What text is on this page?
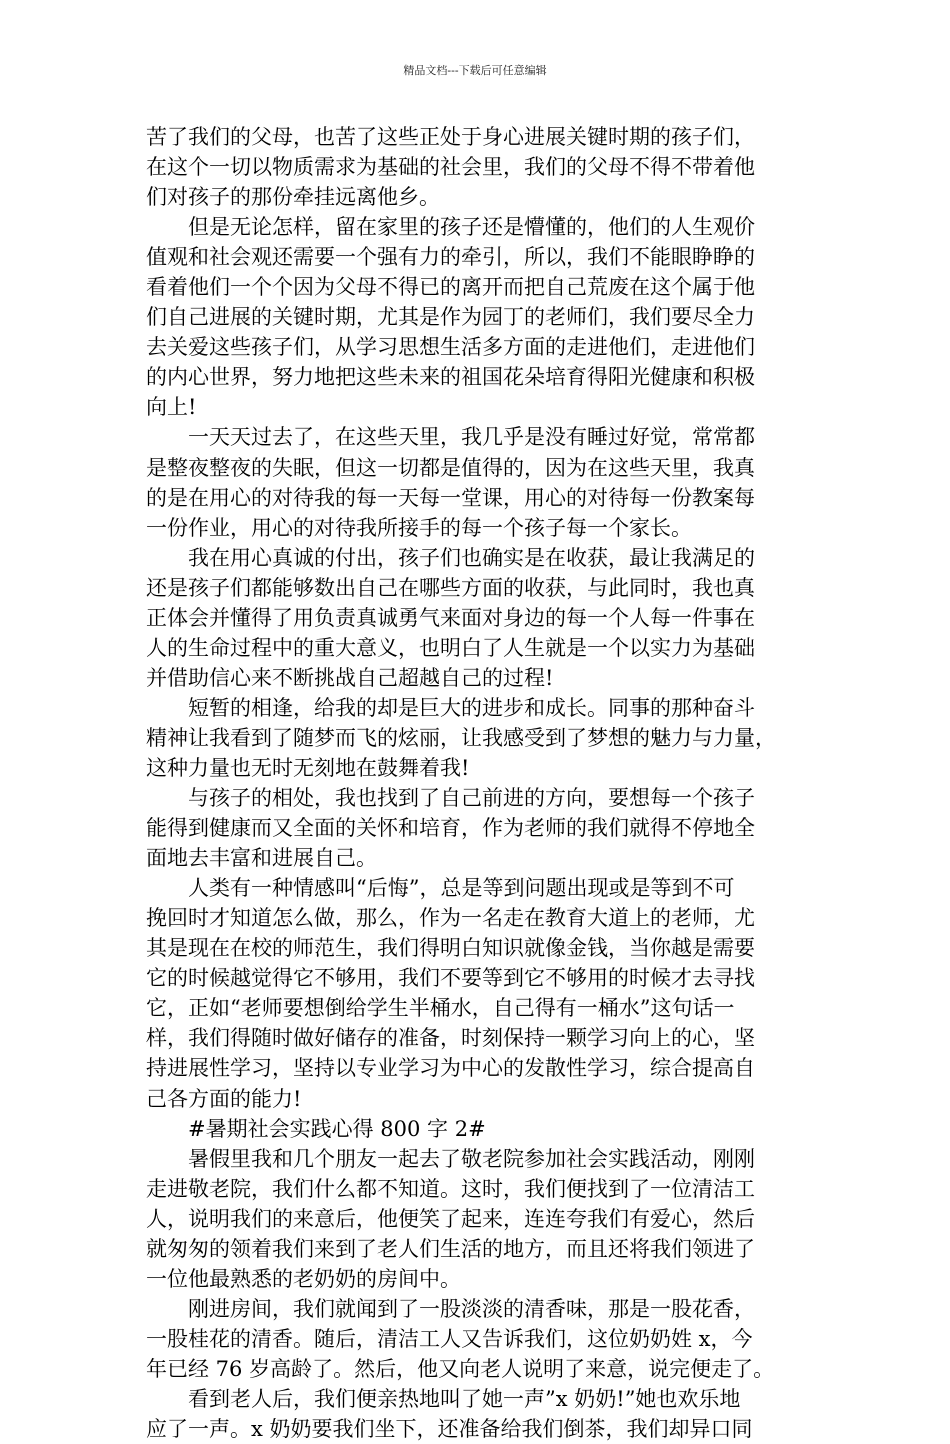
精品文档---下载后可任意编辑
苦了我们的父母，也苦了这些正处于身心进展关键时期的孩子们，
在这个一切以物质需求为基础的社会里，我们的父母不得不带着他
们对孩子的那份牵挂远离他乡。
但是无论怎样，留在家里的孩子还是懵懂的，他们的人生观价
值观和社会观还需要一个强有力的牵引，所以，我们不能眼睁睁的
看着他们一个个因为父母不得已的离开而把自己荒废在这个属于他
们自己进展的关键时期，尤其是作为园丁的老师们，我们要尽全力
去关爱这些孩子们，从学习思想生活多方面的走进他们，走进他们
的内心世界，努力地把这些未来的祖国花朵培育得阳光健康和积极
向上!
一天天过去了，在这些天里，我几乎是没有睡过好觉，常常都
是整夜整夜的失眠，但这一切都是值得的，因为在这些天里，我真
的是在用心的对待我的每一天每一堂课，用心的对待每一份教案每
一份作业，用心的对待我所接手的每一个孩子每一个家长。
我在用心真诚的付出，孩子们也确实是在收获，最让我满足的
还是孩子们都能够数出自己在哪些方面的收获，与此同时，我也真
正体会并懂得了用负责真诚勇气来面对身边的每一个人每一件事在
人的生命过程中的重大意义，也明白了人生就是一个以实力为基础
并借助信心来不断挑战自己超越自己的过程!
短暂的相逢，给我的却是巨大的进步和成长。同事的那种奋斗
精神让我看到了随梦而飞的炫丽，让我感受到了梦想的魅力与力量，
这种力量也无时无刻地在鼓舞着我!
与孩子的相处，我也找到了自己前进的方向，要想每一个孩子
能得到健康而又全面的关怀和培育，作为老师的我们就得不停地全
面地去丰富和进展自己。
人类有一种情感叫“后悔”，总是等到问题出现或是等到不可
挽回时才知道怎么做，那么，作为一名走在教育大道上的老师，尤
其是现在在校的师范生，我们得明白知识就像金钱，当你越是需要
它的时候越觉得它不够用，我们不要等到它不够用的时候才去寻找
它，正如“老师要想倒给学生半桶水，自己得有一桶水”这句话一
样，我们得随时做好储存的准备，时刻保持一颗学习向上的心，坚
持进展性学习，坚持以专业学习为中心的发散性学习，综合提高自
己各方面的能力!
#暑期社会实践心得 800 字 2#
暑假里我和几个朋友一起去了敬老院参加社会实践活动，刚刚
走进敬老院，我们什么都不知道。这时，我们便找到了一位清洁工
人，说明我们的来意后，他便笑了起来，连连夸我们有爱心，然后
就匆匆的领着我们来到了老人们生活的地方，而且还将我们领进了
一位他最熟悉的老奶奶的房间中。
刚进房间，我们就闻到了一股淡淡的清香味，那是一股花香，
一股桂花的清香。随后，清洁工人又告诉我们，这位奶奶姓 x，今
年已经 76 岁高龄了。然后，他又向老人说明了来意，说完便走了。
看到老人后，我们便亲热地叫了她一声”x 奶奶!”她也欢乐地
应了一声。x 奶奶要我们坐下，还准备给我们倒茶，我们却异口同
